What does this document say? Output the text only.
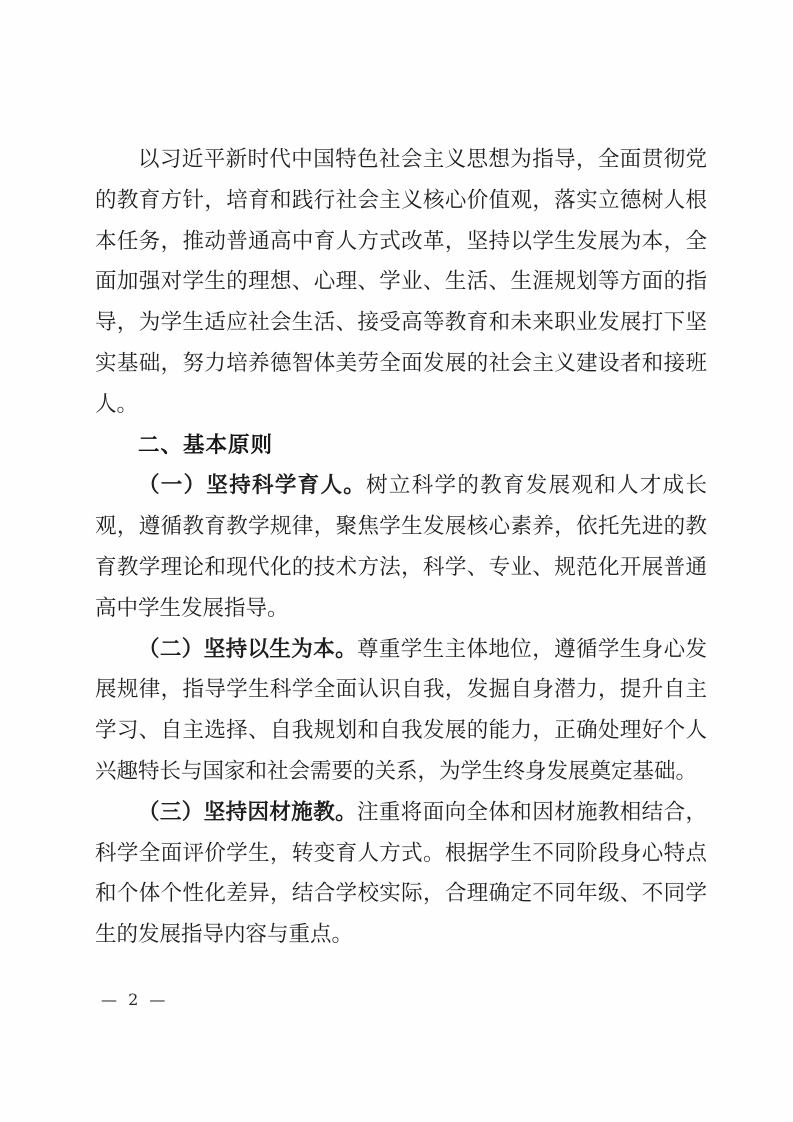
以习近平新时代中国特色社会主义思想为指导，全面贯彻党的教育方针，培育和践行社会主义核心价值观，落实立德树人根本任务，推动普通高中育人方式改革，坚持以学生发展为本，全面加强对学生的理想、心理、学业、生活、生涯规划等方面的指导，为学生适应社会生活、接受高等教育和未来职业发展打下坚实基础，努力培养德智体美劳全面发展的社会主义建设者和接班人。

二、基本原则

（一）坚持科学育人。树立科学的教育发展观和人才成长观，遵循教育教学规律，聚焦学生发展核心素养，依托先进的教育教学理论和现代化的技术方法，科学、专业、规范化开展普通高中学生发展指导。

（二）坚持以生为本。尊重学生主体地位，遵循学生身心发展规律，指导学生科学全面认识自我，发掘自身潜力，提升自主学习、自主选择、自我规划和自我发展的能力，正确处理好个人兴趣特长与国家和社会需要的关系，为学生终身发展奠定基础。

（三）坚持因材施教。注重将面向全体和因材施教相结合，科学全面评价学生，转变育人方式。根据学生不同阶段身心特点和个体个性化差异，结合学校实际，合理确定不同年级、不同学生的发展指导内容与重点。

— 2 —
